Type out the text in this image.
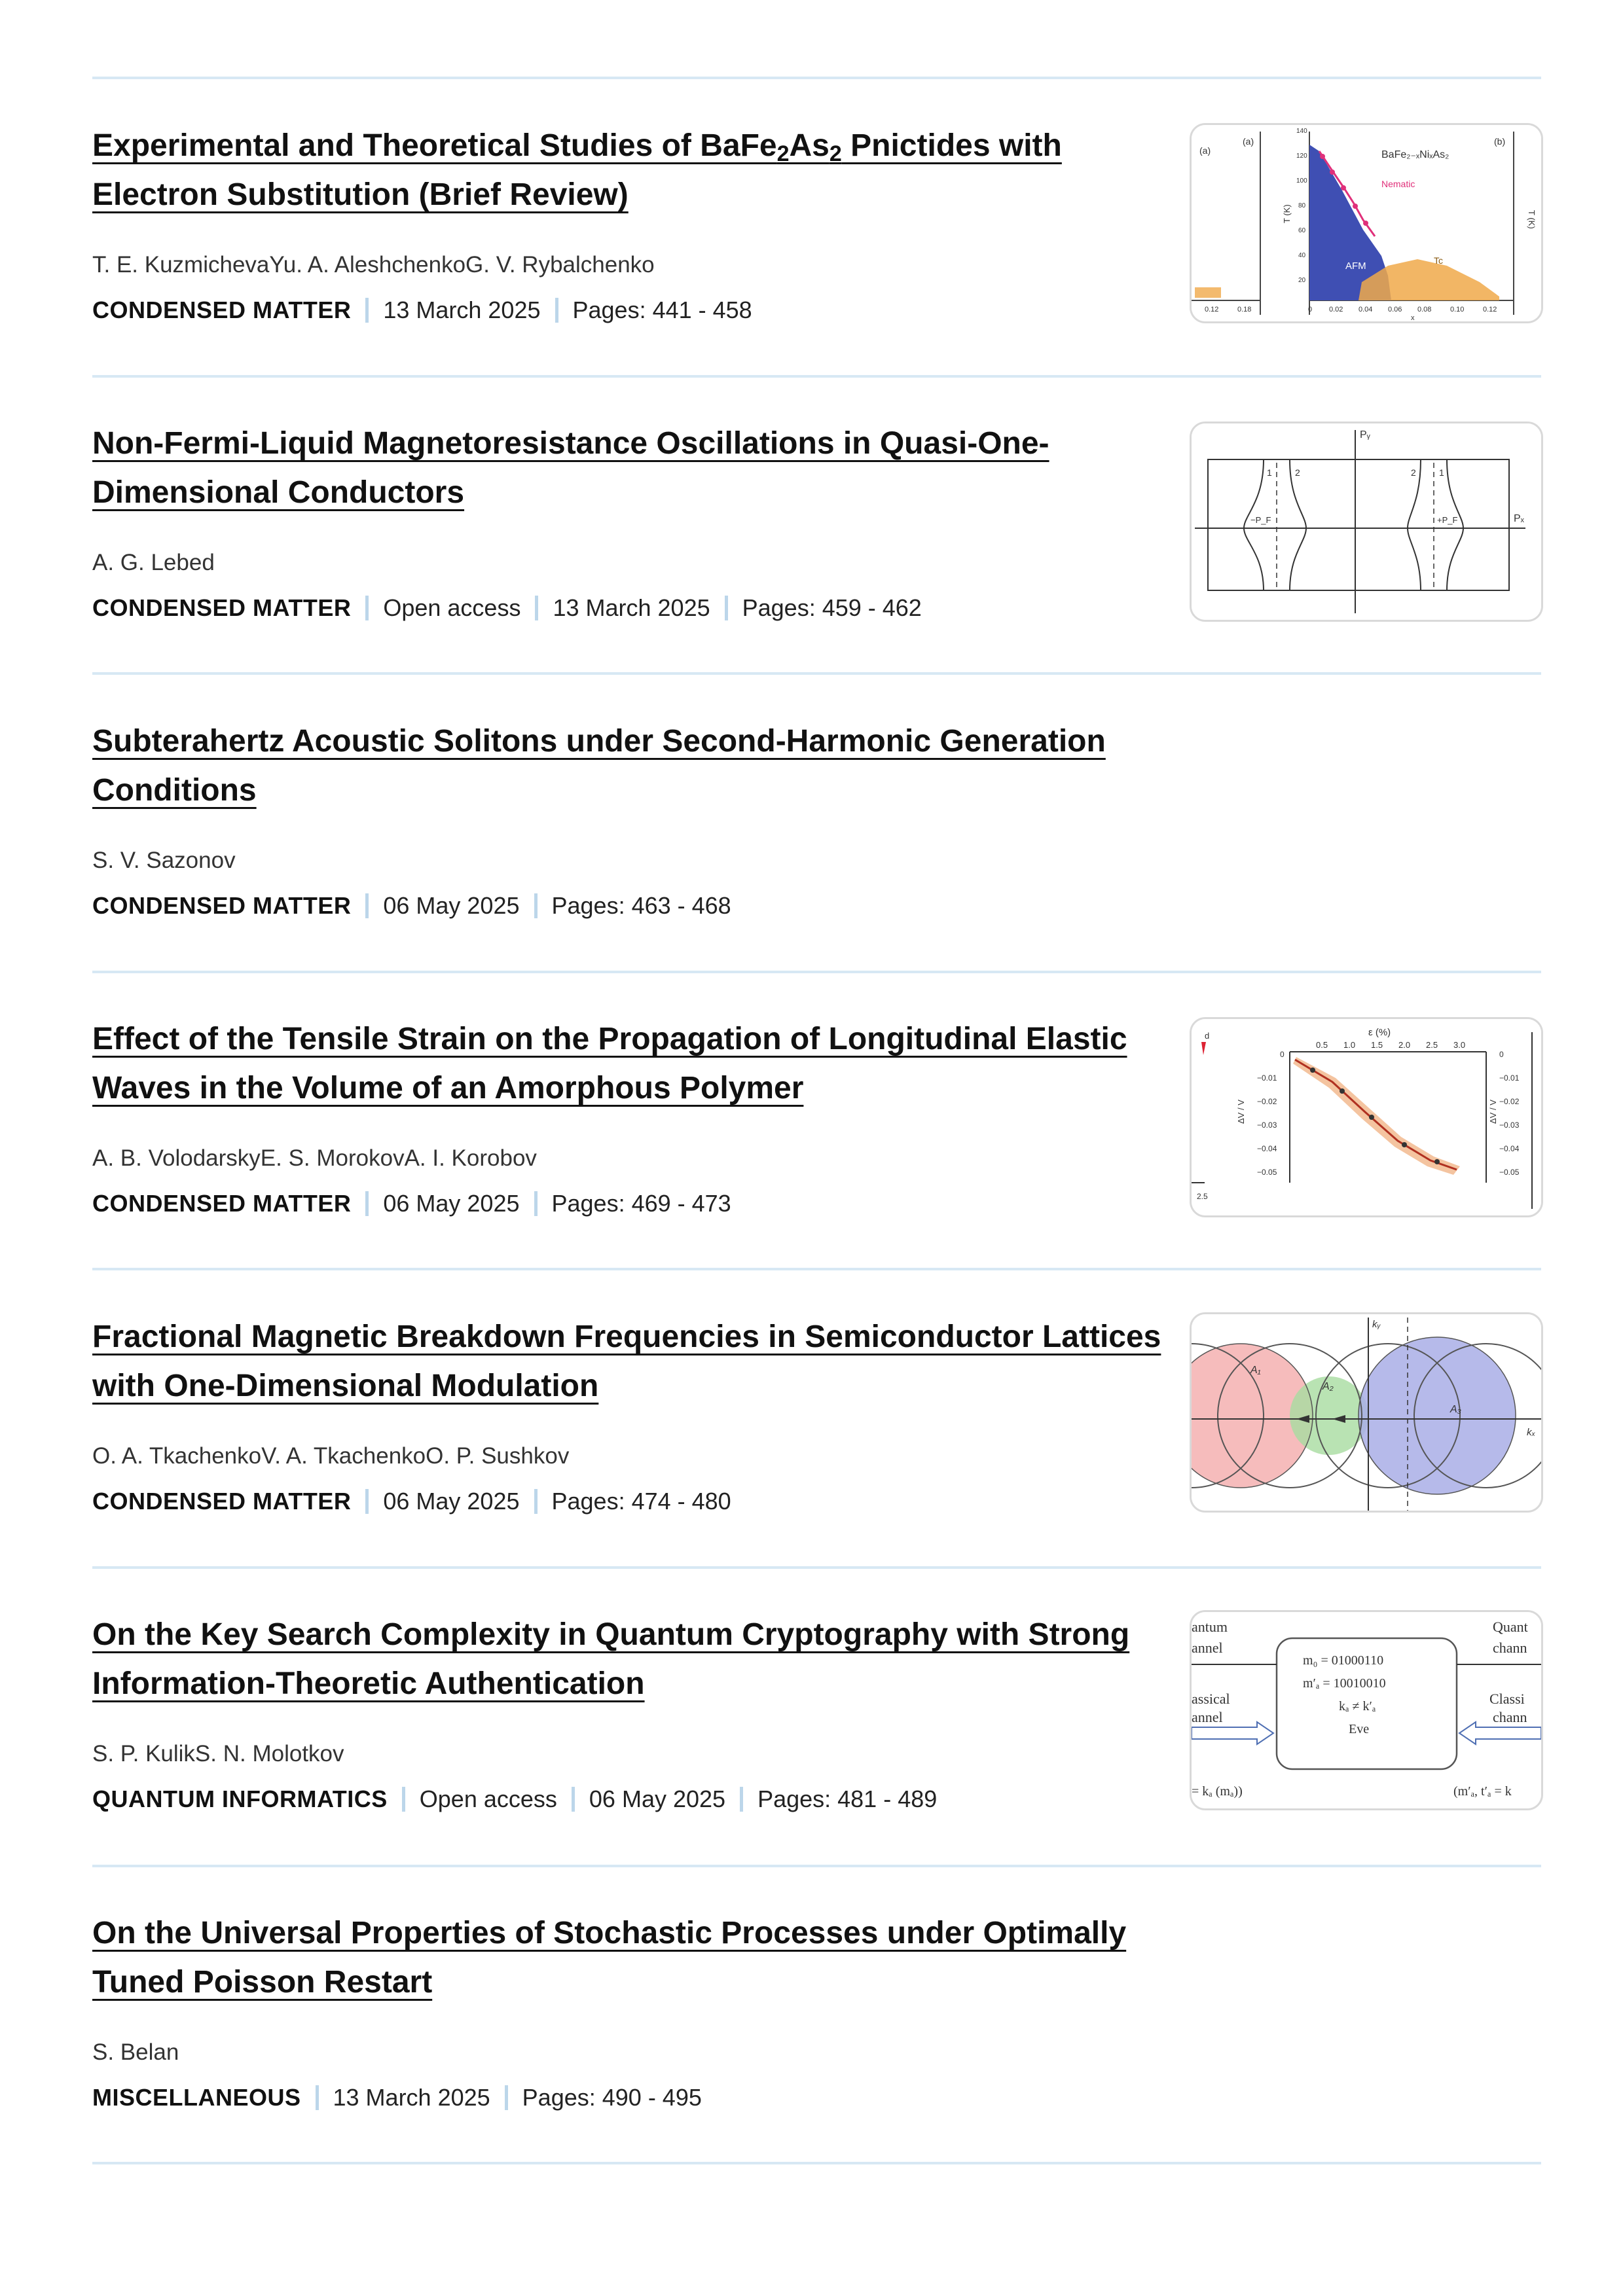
Experimental and Theoretical Studies of $BaFe_2As_2$ Pnictides with Electron Substitution (Brief Review)
T. E. KuzmichevaYu. A. AleshchenkoG. V. Rybalchenko
CONDENSED MATTER 13 March 2025 Pages: 441 - 458
(a)
(a)	(b)
BaFe₂₋ₓNiₓAs₂
Nematic
AFM	Tc
T (K)	T (K)
140
120
100
80
60
40
20
0.12	0.18	0 0.02 0.04 0.06 0.08	0.10	0.12
x
Non-Fermi-Liquid Magnetoresistance Oscillations in Quasi-One-Dimensional Conductors
A. G. Lebed
CONDENSED MATTER Open access 13 March 2025 Pages: 459 - 462
Pᵧ
Pₓ
−P_F	+P_F
1	2	2	1
Subterahertz Acoustic Solitons under Second-Harmonic Generation Conditions
S. V. Sazonov
CONDENSED MATTER 06 May 2025 Pages: 463 - 468
Effect of the Tensile Strain on the Propagation of Longitudinal Elastic Waves in the Volume of an Amorphous Polymer
A. B. VolodarskyE. S. MorokovA. I. Korobov
CONDENSED MATTER 06 May 2025 Pages: 469 - 473
d	ε (%)
0.5 1.0 1.5 2.0 2.5 3.0
0
−0.01
−0.02
−0.03
−0.04
−0.05
0
−0.01
−0.02
−0.03
−0.04
−0.05
ΔV / V	ΔV / V
2.5
Fractional Magnetic Breakdown Frequencies in Semiconductor Lattices with One-Dimensional Modulation
O. A. TkachenkoV. A. TkachenkoO. P. Sushkov
CONDENSED MATTER 06 May 2025 Pages: 474 - 480
A₁
A₂
A₃
kᵧ
kₓ
On the Key Search Complexity in Quantum Cryptography with Strong Information-Theoretic Authentication
S. P. KulikS. N. Molotkov
QUANTUM INFORMATICS Open access 06 May 2025 Pages: 481 - 489
antum
annel
assical
annel
Quant
chann
Classi
chann
m₀ = 01000110
m′ₐ = 10010010
kₐ ≠ k′ₐ
Eve
= kₐ (mₐ))	(m′ₐ, t′ₐ = k
On the Universal Properties of Stochastic Processes under Optimally Tuned Poisson Restart
S. Belan
MISCELLANEOUS 13 March 2025 Pages: 490 - 495
